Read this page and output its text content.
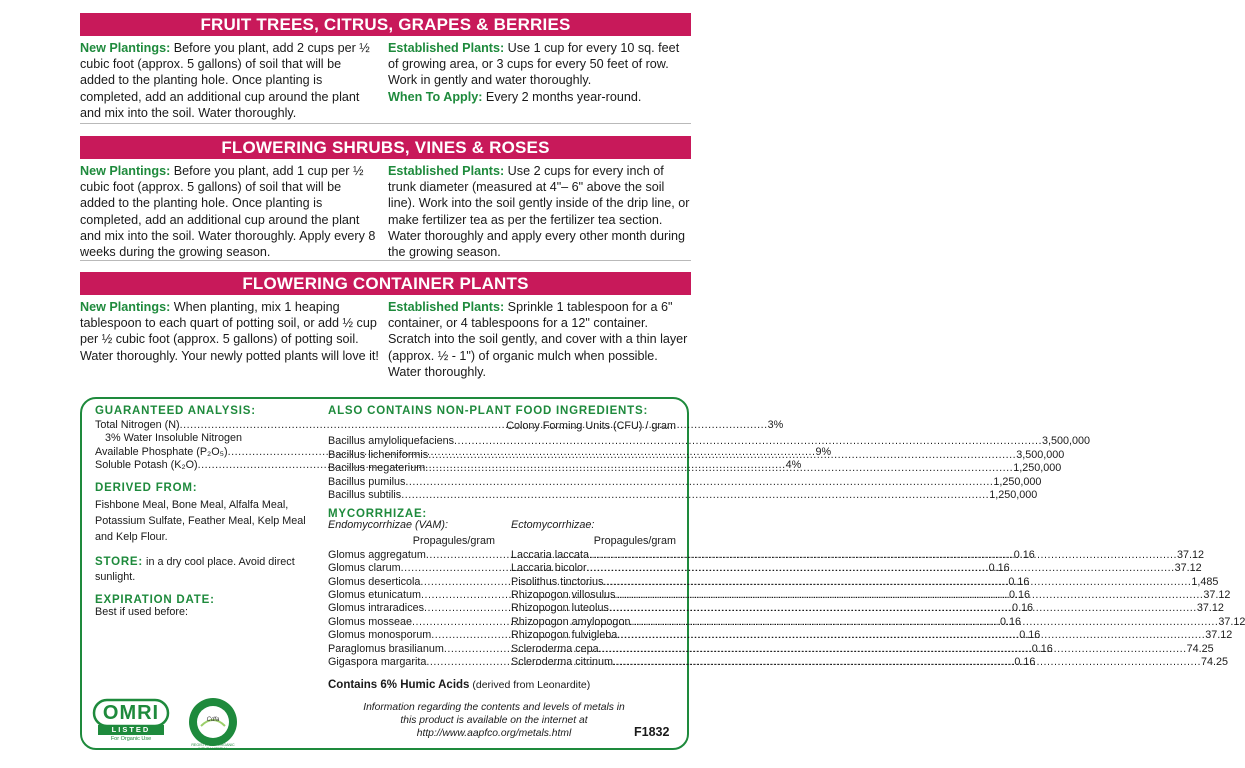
FRUIT TREES, CITRUS, GRAPES & BERRIES
New Plantings: Before you plant, add 2 cups per ½ cubic foot (approx. 5 gallons) of soil that will be added to the planting hole. Once planting is completed, add an additional cup around the plant and mix into the soil. Water thoroughly.
Established Plants: Use 1 cup for every 10 sq. feet of growing area, or 3 cups for every 50 feet of row. Work in gently and water thoroughly.
When To Apply: Every 2 months year-round.
FLOWERING SHRUBS, VINES & ROSES
New Plantings: Before you plant, add 1 cup per ½ cubic foot (approx. 5 gallons) of soil that will be added to the planting hole. Once planting is completed, add an additional cup around the plant and mix into the soil. Water thoroughly. Apply every 8 weeks during the growing season.
Established Plants: Use 2 cups for every inch of trunk diameter (measured at 4"– 6" above the soil line). Work into the soil gently inside of the drip line, or make fertilizer tea as per the fertilizer tea section. Water thoroughly and apply every other month during the growing season.
FLOWERING CONTAINER PLANTS
New Plantings: When planting, mix 1 heaping tablespoon to each quart of potting soil, or add ½ cup per ½ cubic foot (approx. 5 gallons) of potting soil. Water thoroughly. Your newly potted plants will love it!
Established Plants: Sprinkle 1 tablespoon for a 6" container, or 4 tablespoons for a 12" container. Scratch into the soil gently, and cover with a thin layer (approx. ½ - 1") of organic mulch when possible. Water thoroughly.
GUARANTEED ANALYSIS:
Total Nitrogen (N) .....	3%
3% Water Insoluble Nitrogen
Available Phosphate (P₂O₅) .....	9%
Soluble Potash (K₂O) .....	4%
DERIVED FROM:
Fishbone Meal, Bone Meal, Alfalfa Meal, Potassium Sulfate, Feather Meal, Kelp Meal and Kelp Flour.
STORE: in a dry cool place. Avoid direct sunlight.
EXPIRATION DATE:
Best if used before:
ALSO CONTAINS NON-PLANT FOOD INGREDIENTS:
Colony Forming Units (CFU) / gram
Bacillus amyloliquefaciens .....	3,500,000
Bacillus licheniformis .....	3,500,000
Bacillus megaterium .....	1,250,000
Bacillus pumilus .....	1,250,000
Bacillus subtilis .....	1,250,000
MYCORRHIZAE:
Endomycorrhizae (VAM):
Propagules/gram
Glomus aggregatum .....	0.16
Glomus clarum .....	0.16
Glomus deserticola .....	0.16
Glomus etunicatum .....	0.16
Glomus intraradices .....	0.16
Glomus mosseae .....	0.16
Glomus monosporum .....	0.16
Paraglomus brasilianum .....	0.16
Gigaspora margarita .....	0.16
Ectomycorrhizae:
Propagules/gram
Laccaria laccata .....	37.12
Laccaria bicolor .....	37.12
Pisolithus tinctorius .....	1,485
Rhizopogon villosulus .....	37.12
Rhizopogon luteolus .....	37.12
Rhizopogon amylopogon .....	37.12
Rhizopogon fulvigleba .....	37.12
Scleroderma cepa .....	74.25
Scleroderma citrinum .....	74.25
Contains 6% Humic Acids (derived from Leonardite)
Information regarding the contents and levels of metals in this product is available on the internet at http://www.aapfco.org/metals.html	F1832
OMRI
LISTED
For Organic Use
Cdfa
REGISTERED · ORGANIC INPUT MATERIAL
